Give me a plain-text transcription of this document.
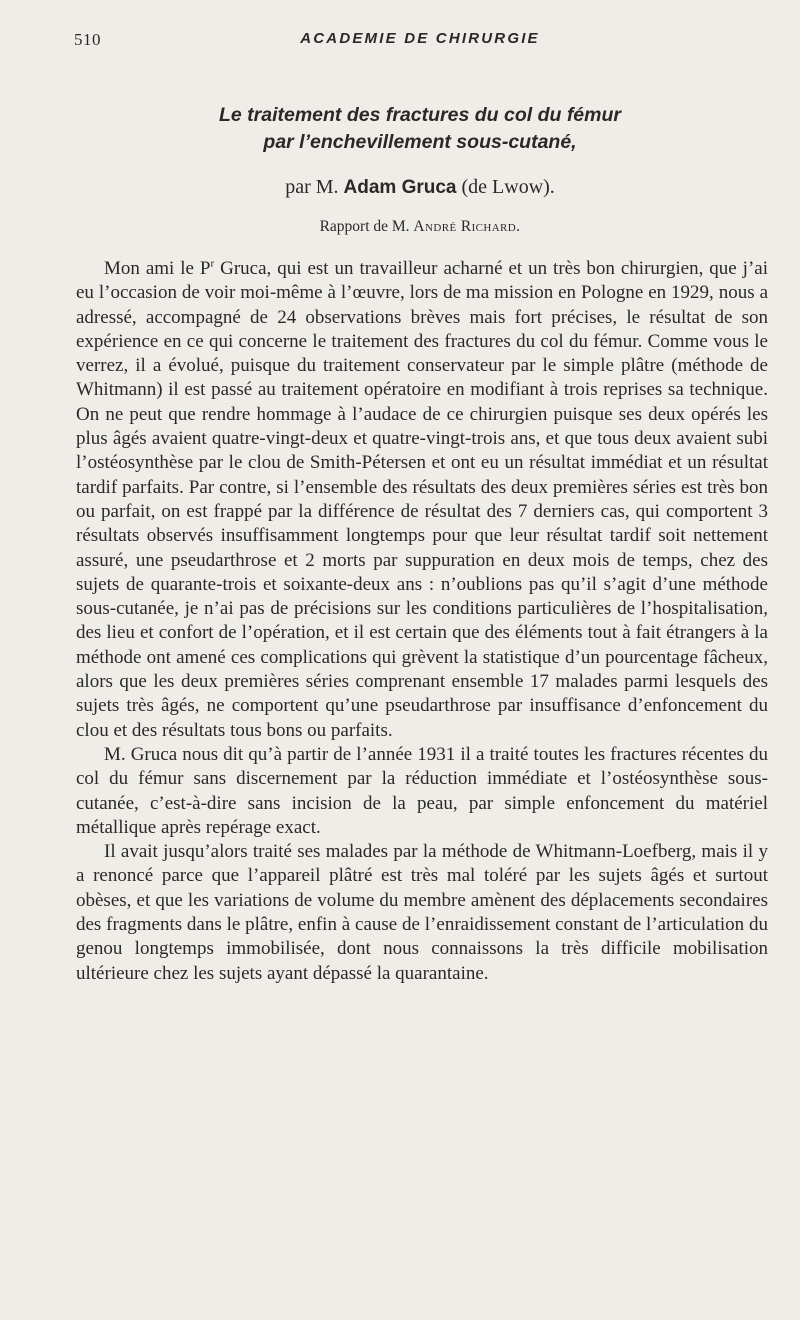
510	ACADEMIE DE CHIRURGIE
Le traitement des fractures du col du fémur
par l’enchevillement sous-cutané,
par M. Adam Gruca (de Lwow).
Rapport de M. André Richard.

Mon ami le $P^r$ Gruca, qui est un travailleur acharné et un très bon chirurgien, que j’ai eu l’occasion de voir moi-même à l’œuvre, lors de ma mission en Pologne en 1929, nous a adressé, accompagné de 24 observations brèves mais fort précises, le résultat de son expérience en ce qui concerne le traitement des fractures du col du fémur. Comme vous le verrez, il a évolué, puisque du traitement conservateur par le simple plâtre (méthode de Whitmann) il est passé au traitement opératoire en modifiant à trois reprises sa technique. On ne peut que rendre hommage à l’audace de ce chirurgien puisque ses deux opérés les plus âgés avaient quatre-vingt-deux et quatre-vingt-trois ans, et que tous deux avaient subi l’ostéosynthèse par le clou de Smith-Pétersen et ont eu un résultat immédiat et un résultat tardif parfaits. Par contre, si l’ensemble des résultats des deux premières séries est très bon ou parfait, on est frappé par la différence de résultat des 7 derniers cas, qui comportent 3 résultats observés insuffisamment longtemps pour que leur résultat tardif soit nettement assuré, une pseudarthrose et 2 morts par suppuration en deux mois de temps, chez des sujets de quarante-trois et soixante-deux ans : n’oublions pas qu’il s’agit d’une méthode sous-cutanée, je n’ai pas de précisions sur les conditions particulières de l’hospitalisation, des lieu et confort de l’opération, et il est certain que des éléments tout à fait étrangers à la méthode ont amené ces complications qui grèvent la statistique d’un pourcentage fâcheux, alors que les deux premières séries comprenant ensemble 17 malades parmi lesquels des sujets très âgés, ne comportent qu’une pseudarthrose par insuffisance d’enfoncement du clou et des résultats tous bons ou parfaits.

M. Gruca nous dit qu’à partir de l’année 1931 il a traité toutes les fractures récentes du col du fémur sans discernement par la réduction immédiate et l’ostéosynthèse sous-cutanée, c’est-à-dire sans incision de la peau, par simple enfoncement du matériel métallique après repérage exact.

Il avait jusqu’alors traité ses malades par la méthode de Whitmann-Loefberg, mais il y a renoncé parce que l’appareil plâtré est très mal toléré par les sujets âgés et surtout obèses, et que les variations de volume du membre amènent des déplacements secondaires des fragments dans le plâtre, enfin à cause de l’enraidissement constant de l’articulation du genou longtemps immobilisée, dont nous connaissons la très difficile mobilisation ultérieure chez les sujets ayant dépassé la quarantaine.
